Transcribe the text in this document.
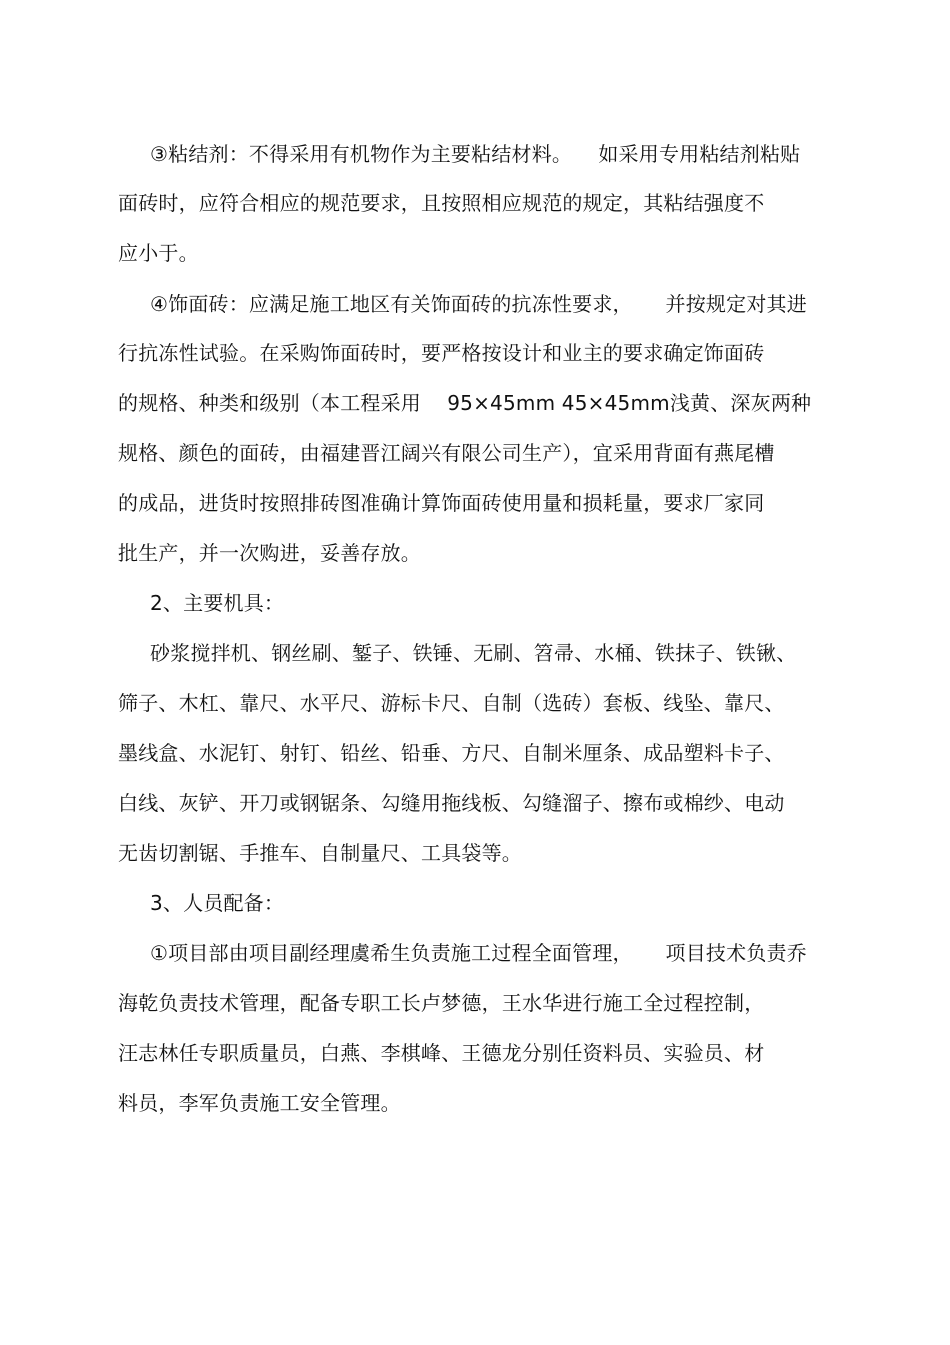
③粘结剂：不得采用有机物作为主要粘结材料。    如采用专用粘结剂粘贴
面砖时，应符合相应的规范要求，且按照相应规范的规定，其粘结强度不
应小于。
④饰面砖：应满足施工地区有关饰面砖的抗冻性要求，     并按规定对其进
行抗冻性试验。在采购饰面砖时，要严格按设计和业主的要求确定饰面砖
的规格、种类和级别（本工程采用    95×45mm 45×45mm浅黄、深灰两种
规格、颜色的面砖，由福建晋江阔兴有限公司生产），宜采用背面有燕尾槽
的成品，进货时按照排砖图准确计算饰面砖使用量和损耗量，要求厂家同
批生产，并一次购进，妥善存放。
2、主要机具：
砂浆搅拌机、钢丝刷、錾子、铁锤、无刷、笤帚、水桶、铁抹子、铁锹、
筛子、木杠、靠尺、水平尺、游标卡尺、自制（选砖）套板、线坠、靠尺、
墨线盒、水泥钉、射钉、铅丝、铅垂、方尺、自制米厘条、成品塑料卡子、
白线、灰铲、开刀或钢锯条、勾缝用拖线板、勾缝溜子、擦布或棉纱、电动
无齿切割锯、手推车、自制量尺、工具袋等。
3、人员配备：
①项目部由项目副经理虞希生负责施工过程全面管理，     项目技术负责乔
海乾负责技术管理，配备专职工长卢梦德，王水华进行施工全过程控制，
汪志林任专职质量员，白燕、李棋峰、王德龙分别任资料员、实验员、材
料员，李军负责施工安全管理。
